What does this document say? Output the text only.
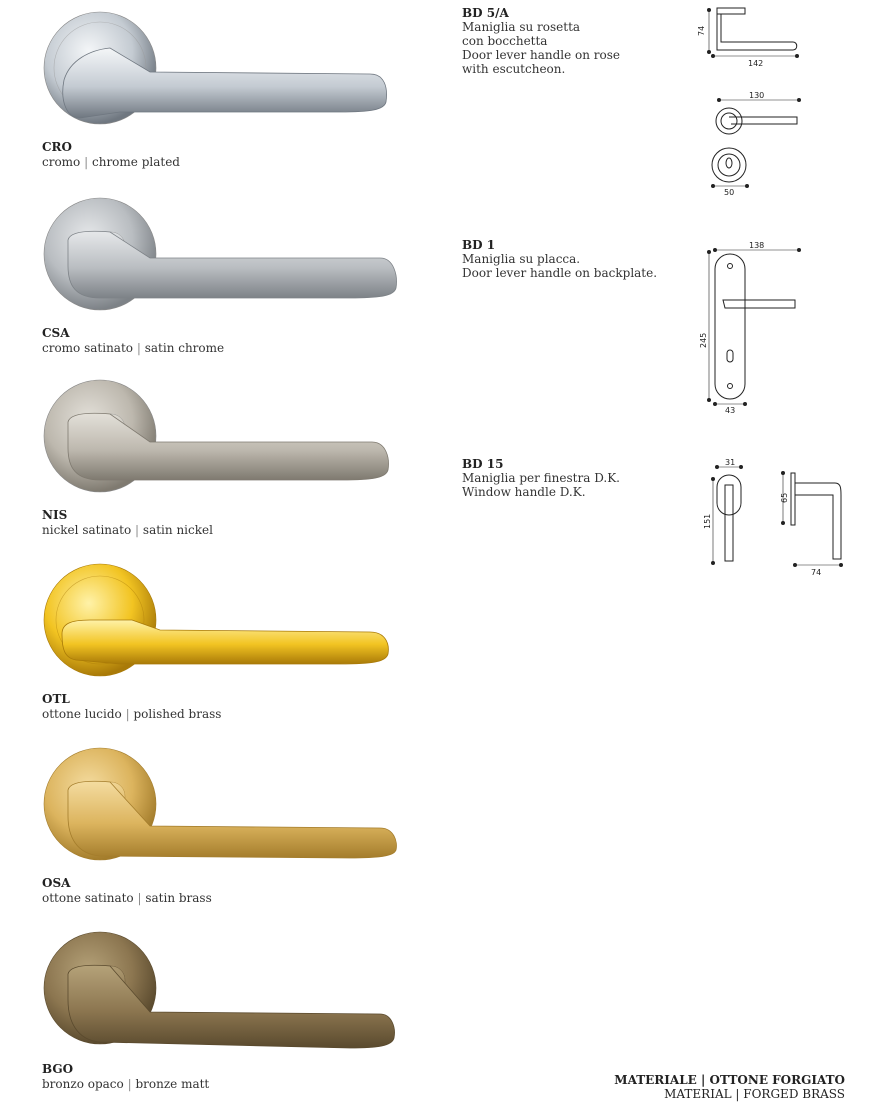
CRO
cromo | chrome plated
CSA
cromo satinato | satin chrome
NIS
nickel satinato | satin nickel
OTL
ottone lucido | polished brass
OSA
ottone satinato | satin brass
BGO
bronzo opaco | bronze matt
BD 5/A
Maniglia su rosetta
con bocchetta
Door lever handle on rose
with escutcheon.
BD 1
Maniglia su placca.
Door lever handle on backplate.
BD 15
Maniglia per finestra D.K.
Window handle D.K.
74
142
130
50
138
245
43
31
151
65
74
MATERIALE | OTTONE FORGIATO
MATERIAL | FORGED BRASS
